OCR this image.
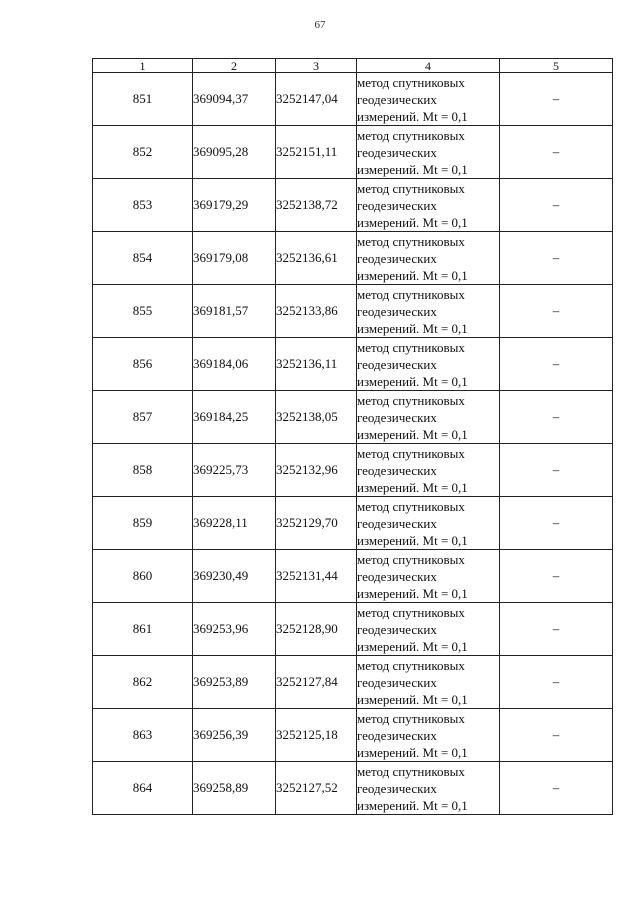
67
1	2	3	4	5
851	369094,37	3252147,04	метод спутниковых
геодезических
измерений. Mt = 0,1	–
852	369095,28	3252151,11	метод спутниковых
геодезических
измерений. Mt = 0,1	–
853	369179,29	3252138,72	метод спутниковых
геодезических
измерений. Mt = 0,1	–
854	369179,08	3252136,61	метод спутниковых
геодезических
измерений. Mt = 0,1	–
855	369181,57	3252133,86	метод спутниковых
геодезических
измерений. Mt = 0,1	–
856	369184,06	3252136,11	метод спутниковых
геодезических
измерений. Mt = 0,1	–
857	369184,25	3252138,05	метод спутниковых
геодезических
измерений. Mt = 0,1	–
858	369225,73	3252132,96	метод спутниковых
геодезических
измерений. Mt = 0,1	–
859	369228,11	3252129,70	метод спутниковых
геодезических
измерений. Mt = 0,1	–
860	369230,49	3252131,44	метод спутниковых
геодезических
измерений. Mt = 0,1	–
861	369253,96	3252128,90	метод спутниковых
геодезических
измерений. Mt = 0,1	–
862	369253,89	3252127,84	метод спутниковых
геодезических
измерений. Mt = 0,1	–
863	369256,39	3252125,18	метод спутниковых
геодезических
измерений. Mt = 0,1	–
864	369258,89	3252127,52	метод спутниковых
геодезических
измерений. Mt = 0,1	–
